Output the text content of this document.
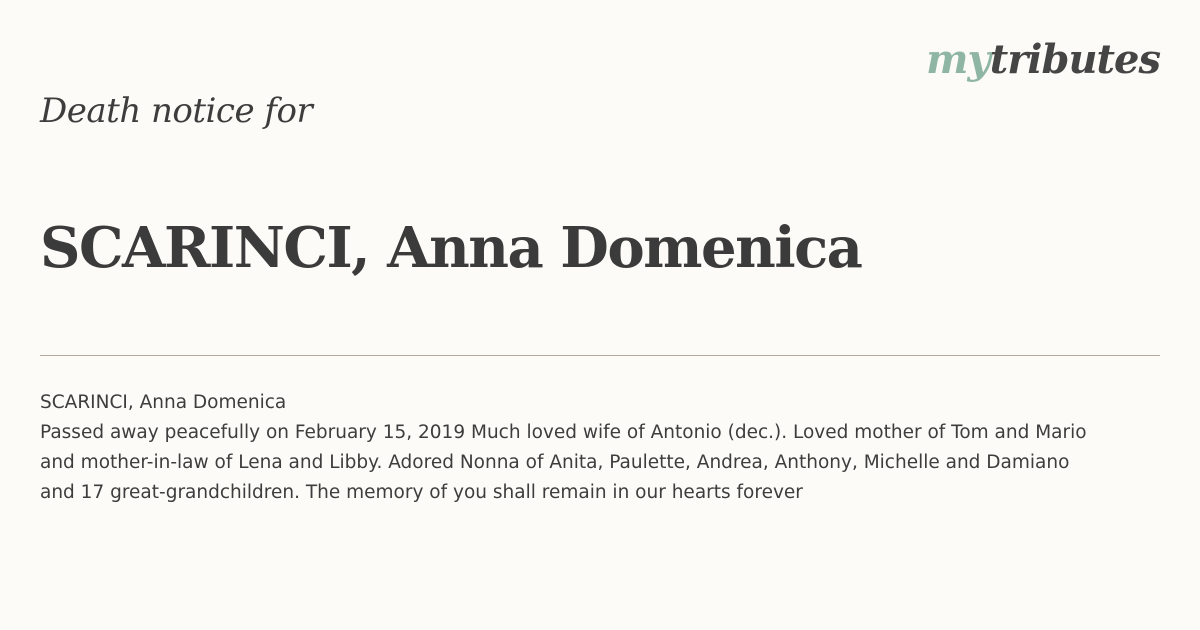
mytributes
Death notice for
SCARINCI, Anna Domenica
SCARINCI, Anna Domenica
Passed away peacefully on February 15, 2019 Much loved wife of Antonio (dec.). Loved mother of Tom and Mario
and mother-in-law of Lena and Libby. Adored Nonna of Anita, Paulette, Andrea, Anthony, Michelle and Damiano
and 17 great-grandchildren. The memory of you shall remain in our hearts forever
